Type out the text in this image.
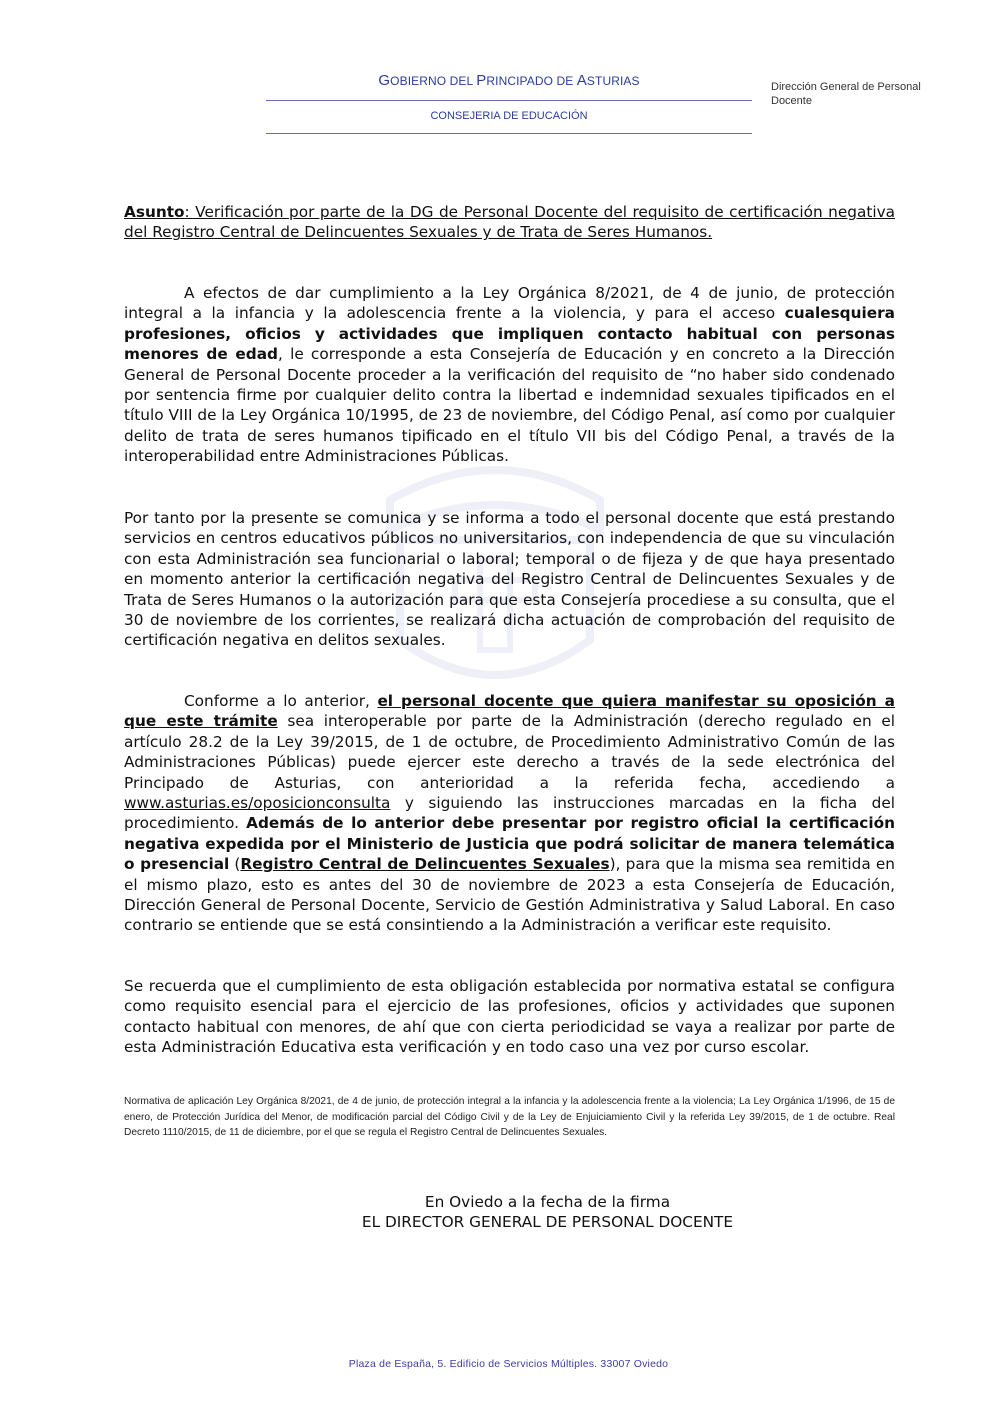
GOBIERNO DEL PRINCIPADO DE ASTURIAS
CONSEJERIA DE EDUCACIÓN
Dirección General de Personal
Docente
Asunto: Verificación por parte de la DG de Personal Docente del requisito de certificación negativa del Registro Central de Delincuentes Sexuales y de Trata de Seres Humanos.

A efectos de dar cumplimiento a la Ley Orgánica 8/2021, de 4 de junio, de protección integral a la infancia y la adolescencia frente a la violencia, y para el acceso cualesquiera profesiones, oficios y actividades que impliquen contacto habitual con personas menores de edad, le corresponde a esta Consejería de Educación y en concreto a la Dirección General de Personal Docente proceder a la verificación del requisito de “no haber sido condenado por sentencia firme por cualquier delito contra la libertad e indemnidad sexuales tipificados en el título VIII de la Ley Orgánica 10/1995, de 23 de noviembre, del Código Penal, así como por cualquier delito de trata de seres humanos tipificado en el título VII bis del Código Penal, a través de la interoperabilidad entre Administraciones Públicas.

Por tanto por la presente se comunica y se informa a todo el personal docente que está prestando servicios en centros educativos públicos no universitarios, con independencia de que su vinculación con esta Administración sea funcionarial o laboral; temporal o de fijeza y de que haya presentado en momento anterior la certificación negativa del Registro Central de Delincuentes Sexuales y de Trata de Seres Humanos o la autorización para que esta Consejería procediese a su consulta, que el 30 de noviembre de los corrientes, se realizará dicha actuación de comprobación del requisito de certificación negativa en delitos sexuales.

Conforme a lo anterior, el personal docente que quiera manifestar su oposición a que este trámite sea interoperable por parte de la Administración (derecho regulado en el artículo 28.2 de la Ley 39/2015, de 1 de octubre, de Procedimiento Administrativo Común de las Administraciones Públicas) puede ejercer este derecho a través de la sede electrónica del Principado de Asturias, con anterioridad a la referida fecha, accediendo a www.asturias.es/oposicionconsulta y siguiendo las instrucciones marcadas en la ficha del procedimiento. Además de lo anterior debe presentar por registro oficial la certificación negativa expedida por el Ministerio de Justicia que podrá solicitar de manera telemática o presencial (Registro Central de Delincuentes Sexuales), para que la misma sea remitida en el mismo plazo, esto es antes del 30 de noviembre de 2023 a esta Consejería de Educación, Dirección General de Personal Docente, Servicio de Gestión Administrativa y Salud Laboral. En caso contrario se entiende que se está consintiendo a la Administración a verificar este requisito.

Se recuerda que el cumplimiento de esta obligación establecida por normativa estatal se configura como requisito esencial para el ejercicio de las profesiones, oficios y actividades que suponen contacto habitual con menores, de ahí que con cierta periodicidad se vaya a realizar por parte de esta Administración Educativa esta verificación y en todo caso una vez por curso escolar.

Normativa de aplicación Ley Orgánica 8/2021, de 4 de junio, de protección integral a la infancia y la adolescencia frente a la violencia; La Ley Orgánica 1/1996, de 15 de enero, de Protección Jurídica del Menor, de modificación parcial del Código Civil y de la Ley de Enjuiciamiento Civil y la referida Ley 39/2015, de 1 de octubre. Real Decreto 1110/2015, de 11 de diciembre, por el que se regula el Registro Central de Delincuentes Sexuales.
En Oviedo a la fecha de la firma
EL DIRECTOR GENERAL DE PERSONAL DOCENTE
Plaza de España, 5. Edificio de Servicios Múltiples. 33007 Oviedo
